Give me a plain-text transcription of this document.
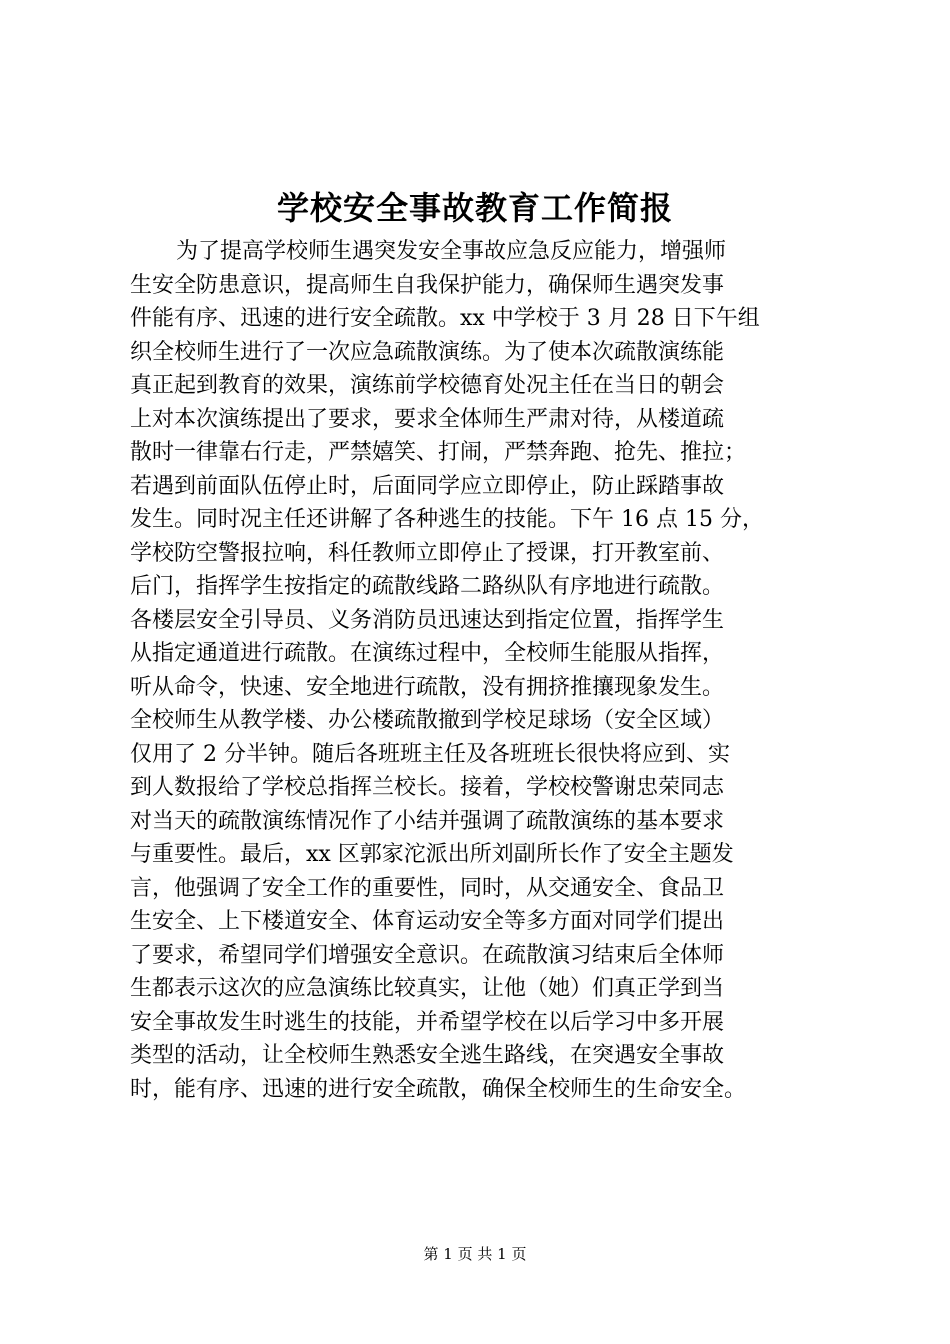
学校安全事故教育工作简报
为了提高学校师生遇突发安全事故应急反应能力，增强师
生安全防患意识，提高师生自我保护能力，确保师生遇突发事
件能有序、迅速的进行安全疏散。xx 中学校于 3 月 28 日下午组
织全校师生进行了一次应急疏散演练。为了使本次疏散演练能
真正起到教育的效果，演练前学校德育处况主任在当日的朝会
上对本次演练提出了要求，要求全体师生严肃对待，从楼道疏
散时一律靠右行走，严禁嬉笑、打闹，严禁奔跑、抢先、推拉；
若遇到前面队伍停止时，后面同学应立即停止，防止踩踏事故
发生。同时况主任还讲解了各种逃生的技能。下午 16 点 15 分，
学校防空警报拉响，科任教师立即停止了授课，打开教室前、
后门，指挥学生按指定的疏散线路二路纵队有序地进行疏散。
各楼层安全引导员、义务消防员迅速达到指定位置，指挥学生
从指定通道进行疏散。在演练过程中，全校师生能服从指挥，
听从命令，快速、安全地进行疏散，没有拥挤推攘现象发生。
全校师生从教学楼、办公楼疏散撤到学校足球场（安全区域）
仅用了 2 分半钟。随后各班班主任及各班班长很快将应到、实
到人数报给了学校总指挥兰校长。接着，学校校警谢忠荣同志
对当天的疏散演练情况作了小结并强调了疏散演练的基本要求
与重要性。最后，xx 区郭家沱派出所刘副所长作了安全主题发
言，他强调了安全工作的重要性，同时，从交通安全、食品卫
生安全、上下楼道安全、体育运动安全等多方面对同学们提出
了要求，希望同学们增强安全意识。在疏散演习结束后全体师
生都表示这次的应急演练比较真实，让他（她）们真正学到当
安全事故发生时逃生的技能，并希望学校在以后学习中多开展
类型的活动，让全校师生熟悉安全逃生路线，在突遇安全事故
时，能有序、迅速的进行安全疏散，确保全校师生的生命安全。
第 1 页 共 1 页
